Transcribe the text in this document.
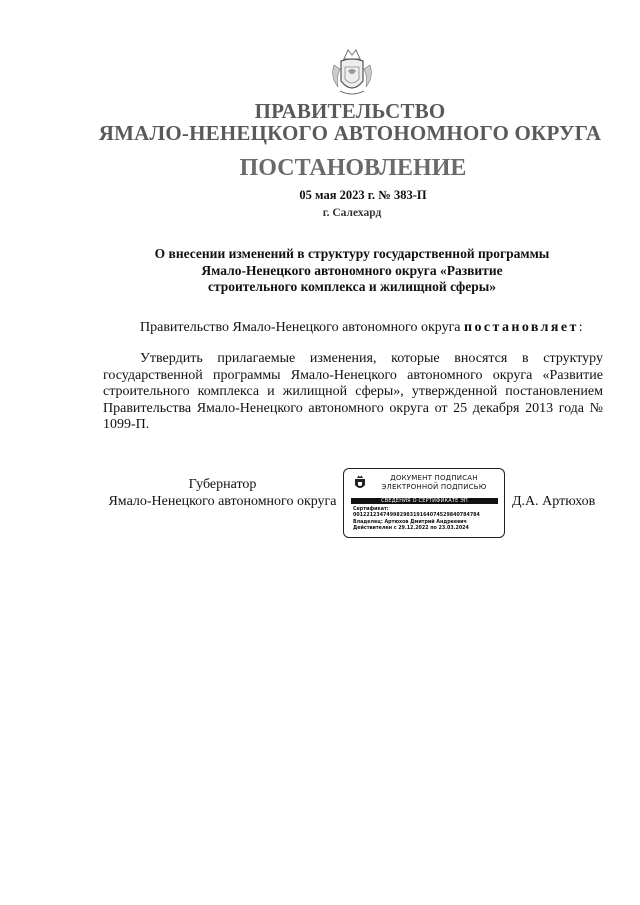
ПРАВИТЕЛЬСТВО
ЯМАЛО-НЕНЕЦКОГО АВТОНОМНОГО ОКРУГА
ПОСТАНОВЛЕНИЕ
05 мая 2023 г. № 383-П
г. Салехард
О внесении изменений в структуру государственной программы
Ямало-Ненецкого автономного округа «Развитие
строительного комплекса и жилищной сферы»
Правительство Ямало-Ненецкого автономного округа постановляет:
Утвердить прилагаемые изменения, которые вносятся в структуру государственной программы Ямало-Ненецкого автономного округа «Развитие строительного комплекса и жилищной сферы», утвержденной постановлением Правительства Ямало-Ненецкого автономного округа от 25 декабря 2013 года № 1099-П.
Губернатор
Ямало-Ненецкого автономного округа
ДОКУМЕНТ ПОДПИСАН
ЭЛЕКТРОННОЙ ПОДПИСЬЮ
СВЕДЕНИЯ О СЕРТИФИКАТЕ ЭП
Сертификат:
00122123474998298319164074529840784784
Владелец: Артюхов Дмитрий Андреевич
Действителен с 29.12.2022 по 23.03.2024
Д.А. Артюхов
